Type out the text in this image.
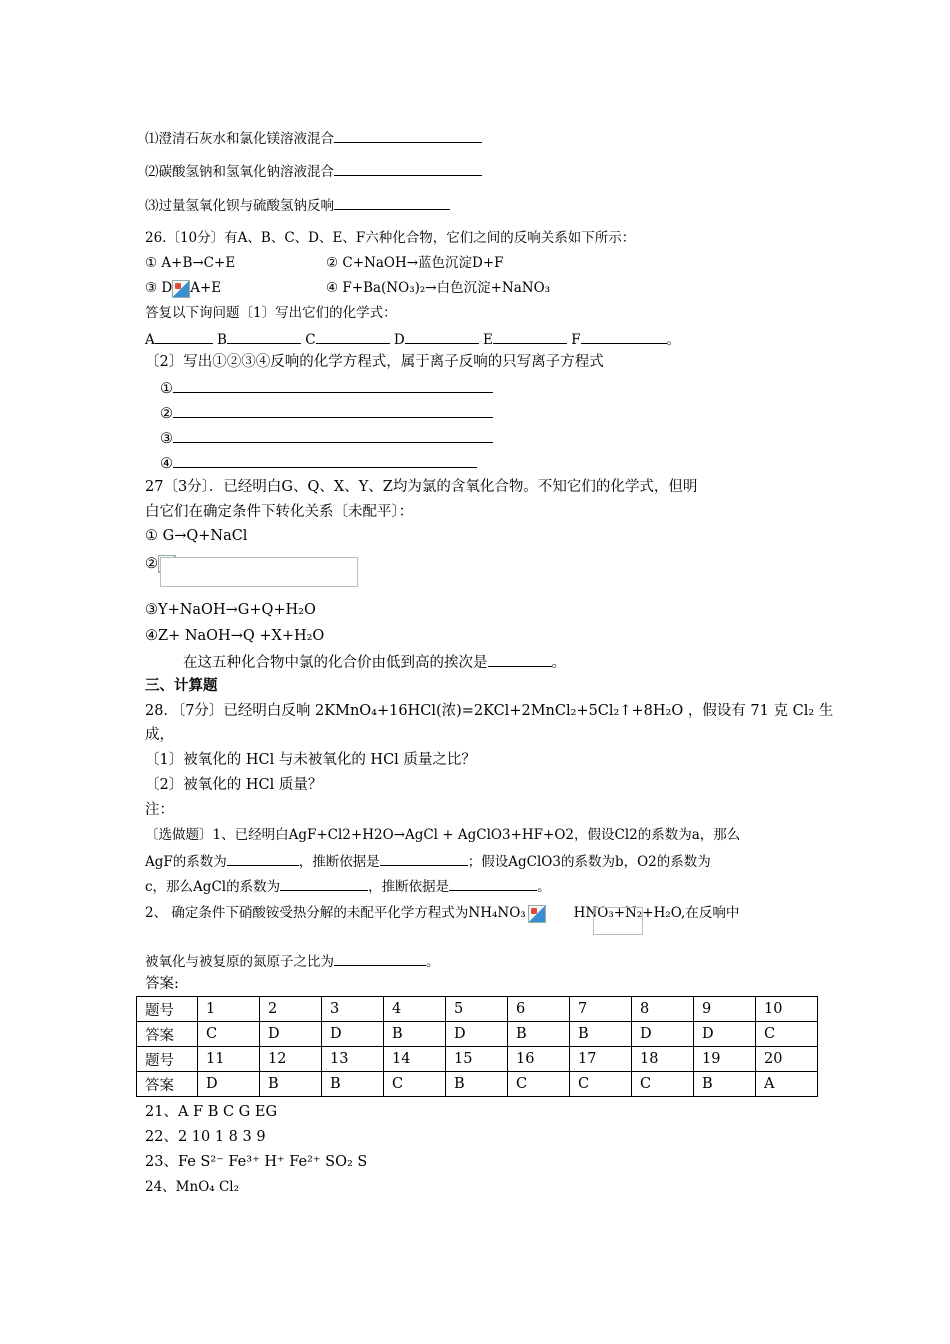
⑴澄清石灰水和氯化镁溶液混合
⑵碳酸氢钠和氢氧化钠溶液混合
⑶过量氢氧化钡与硫酸氢钠反响
26.〔10分〕有A、B、C、D、E、F六种化合物，它们之间的反响关系如下所示：
① A+B→C+E	② C+NaOH→蓝色沉淀D+F
③ D A+E	④ F+Ba(NO₃)₂→白色沉淀+NaNO₃
答复以下询问题〔1〕写出它们的化学式：
A	B	C	D	E	F	。
〔2〕写出①②③④反响的化学方程式，属于离子反响的只写离子方程式
①
②
③
④
27〔3分〕．已经明白G、Q、X、Y、Z均为氯的含氧化合物。不知它们的化学式，但明
白它们在确定条件下转化关系〔未配平〕：
① G→Q+NaCl
②
③Y+NaOH→G+Q+H₂O
④Z+ NaOH→Q +X+H₂O
在这五种化合物中氯的化合价由低到高的挨次是	。
三、计算题
28．〔7分〕已经明白反响 2KMnO₄+16HCl(浓)=2KCl+2MnCl₂+5Cl₂↑+8H₂O ，假设有 71 克 Cl₂ 生
成，
〔1〕被氧化的 HCl 与未被氧化的 HCl 质量之比？
〔2〕被氧化的 HCl 质量？
注：
〔选做题〕1、已经明白AgF+Cl2+H2O→AgCl + AgClO3+HF+O2，假设Cl2的系数为a，那么
AgF的系数为	，推断依据是	；假设AgClO3的系数为b，O2的系数为
c，那么AgCl的系数为	，推断依据是	。
2、 确定条件下硝酸铵受热分解的未配平化学方程式为NH₄NO₃	HNO₃+N₂+H₂O,在反响中
被氧化与被复原的氮原子之比为	。
答案:
题号	1	2	3	4	5	6	7	8	9	10
答案	C	D	D	B	D	B	B	D	D	C
题号	11	12	13	14	15	16	17	18	19	20
答案	D	B	B	C	B	C	C	C	B	A
21、A F B C G EG
22、2 10 1 8 3 9
23、Fe S²⁻ Fe³⁺ H⁺ Fe²⁺ SO₂ S
24、MnO₄ Cl₂
